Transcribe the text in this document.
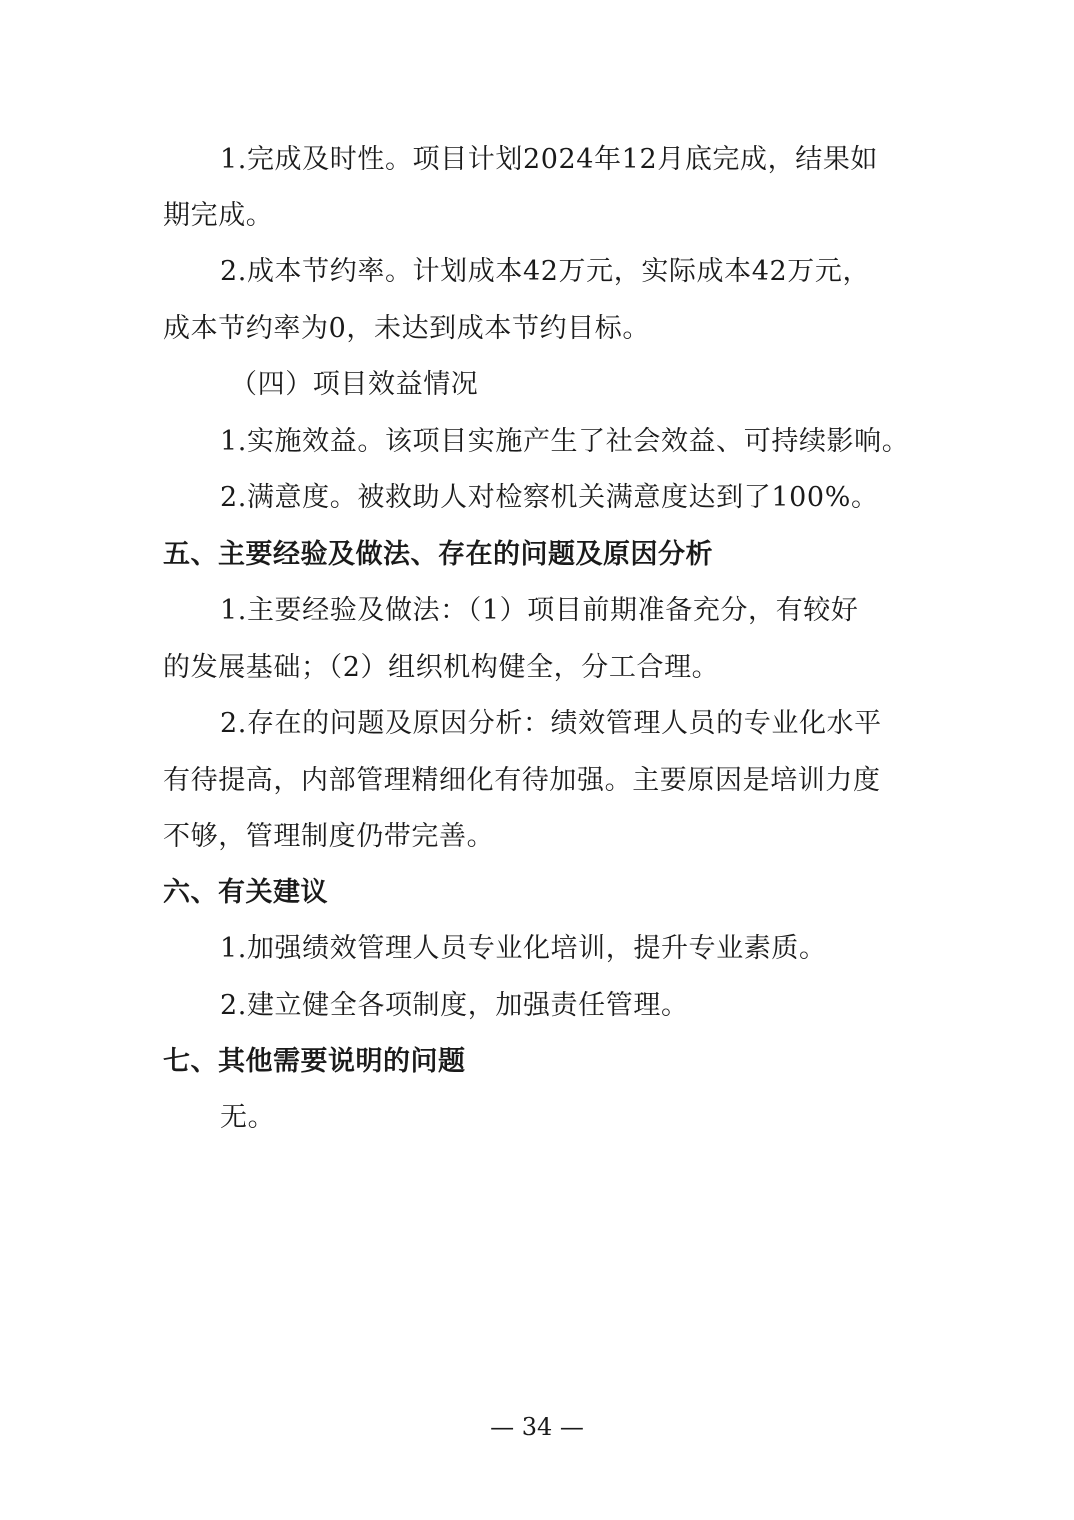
1.完成及时性。项目计划2024年12月底完成，结果如
期完成。
2.成本节约率。计划成本42万元，实际成本42万元，
成本节约率为0，未达到成本节约目标。
（四）项目效益情况
1.实施效益。该项目实施产生了社会效益、可持续影响。
2.满意度。被救助人对检察机关满意度达到了100%。
五、主要经验及做法、存在的问题及原因分析
1.主要经验及做法：（1）项目前期准备充分，有较好
的发展基础；（2）组织机构健全，分工合理。
2.存在的问题及原因分析：绩效管理人员的专业化水平
有待提高，内部管理精细化有待加强。主要原因是培训力度
不够，管理制度仍带完善。
六、有关建议
1.加强绩效管理人员专业化培训，提升专业素质。
2.建立健全各项制度，加强责任管理。
七、其他需要说明的问题
无。
— 34 —
